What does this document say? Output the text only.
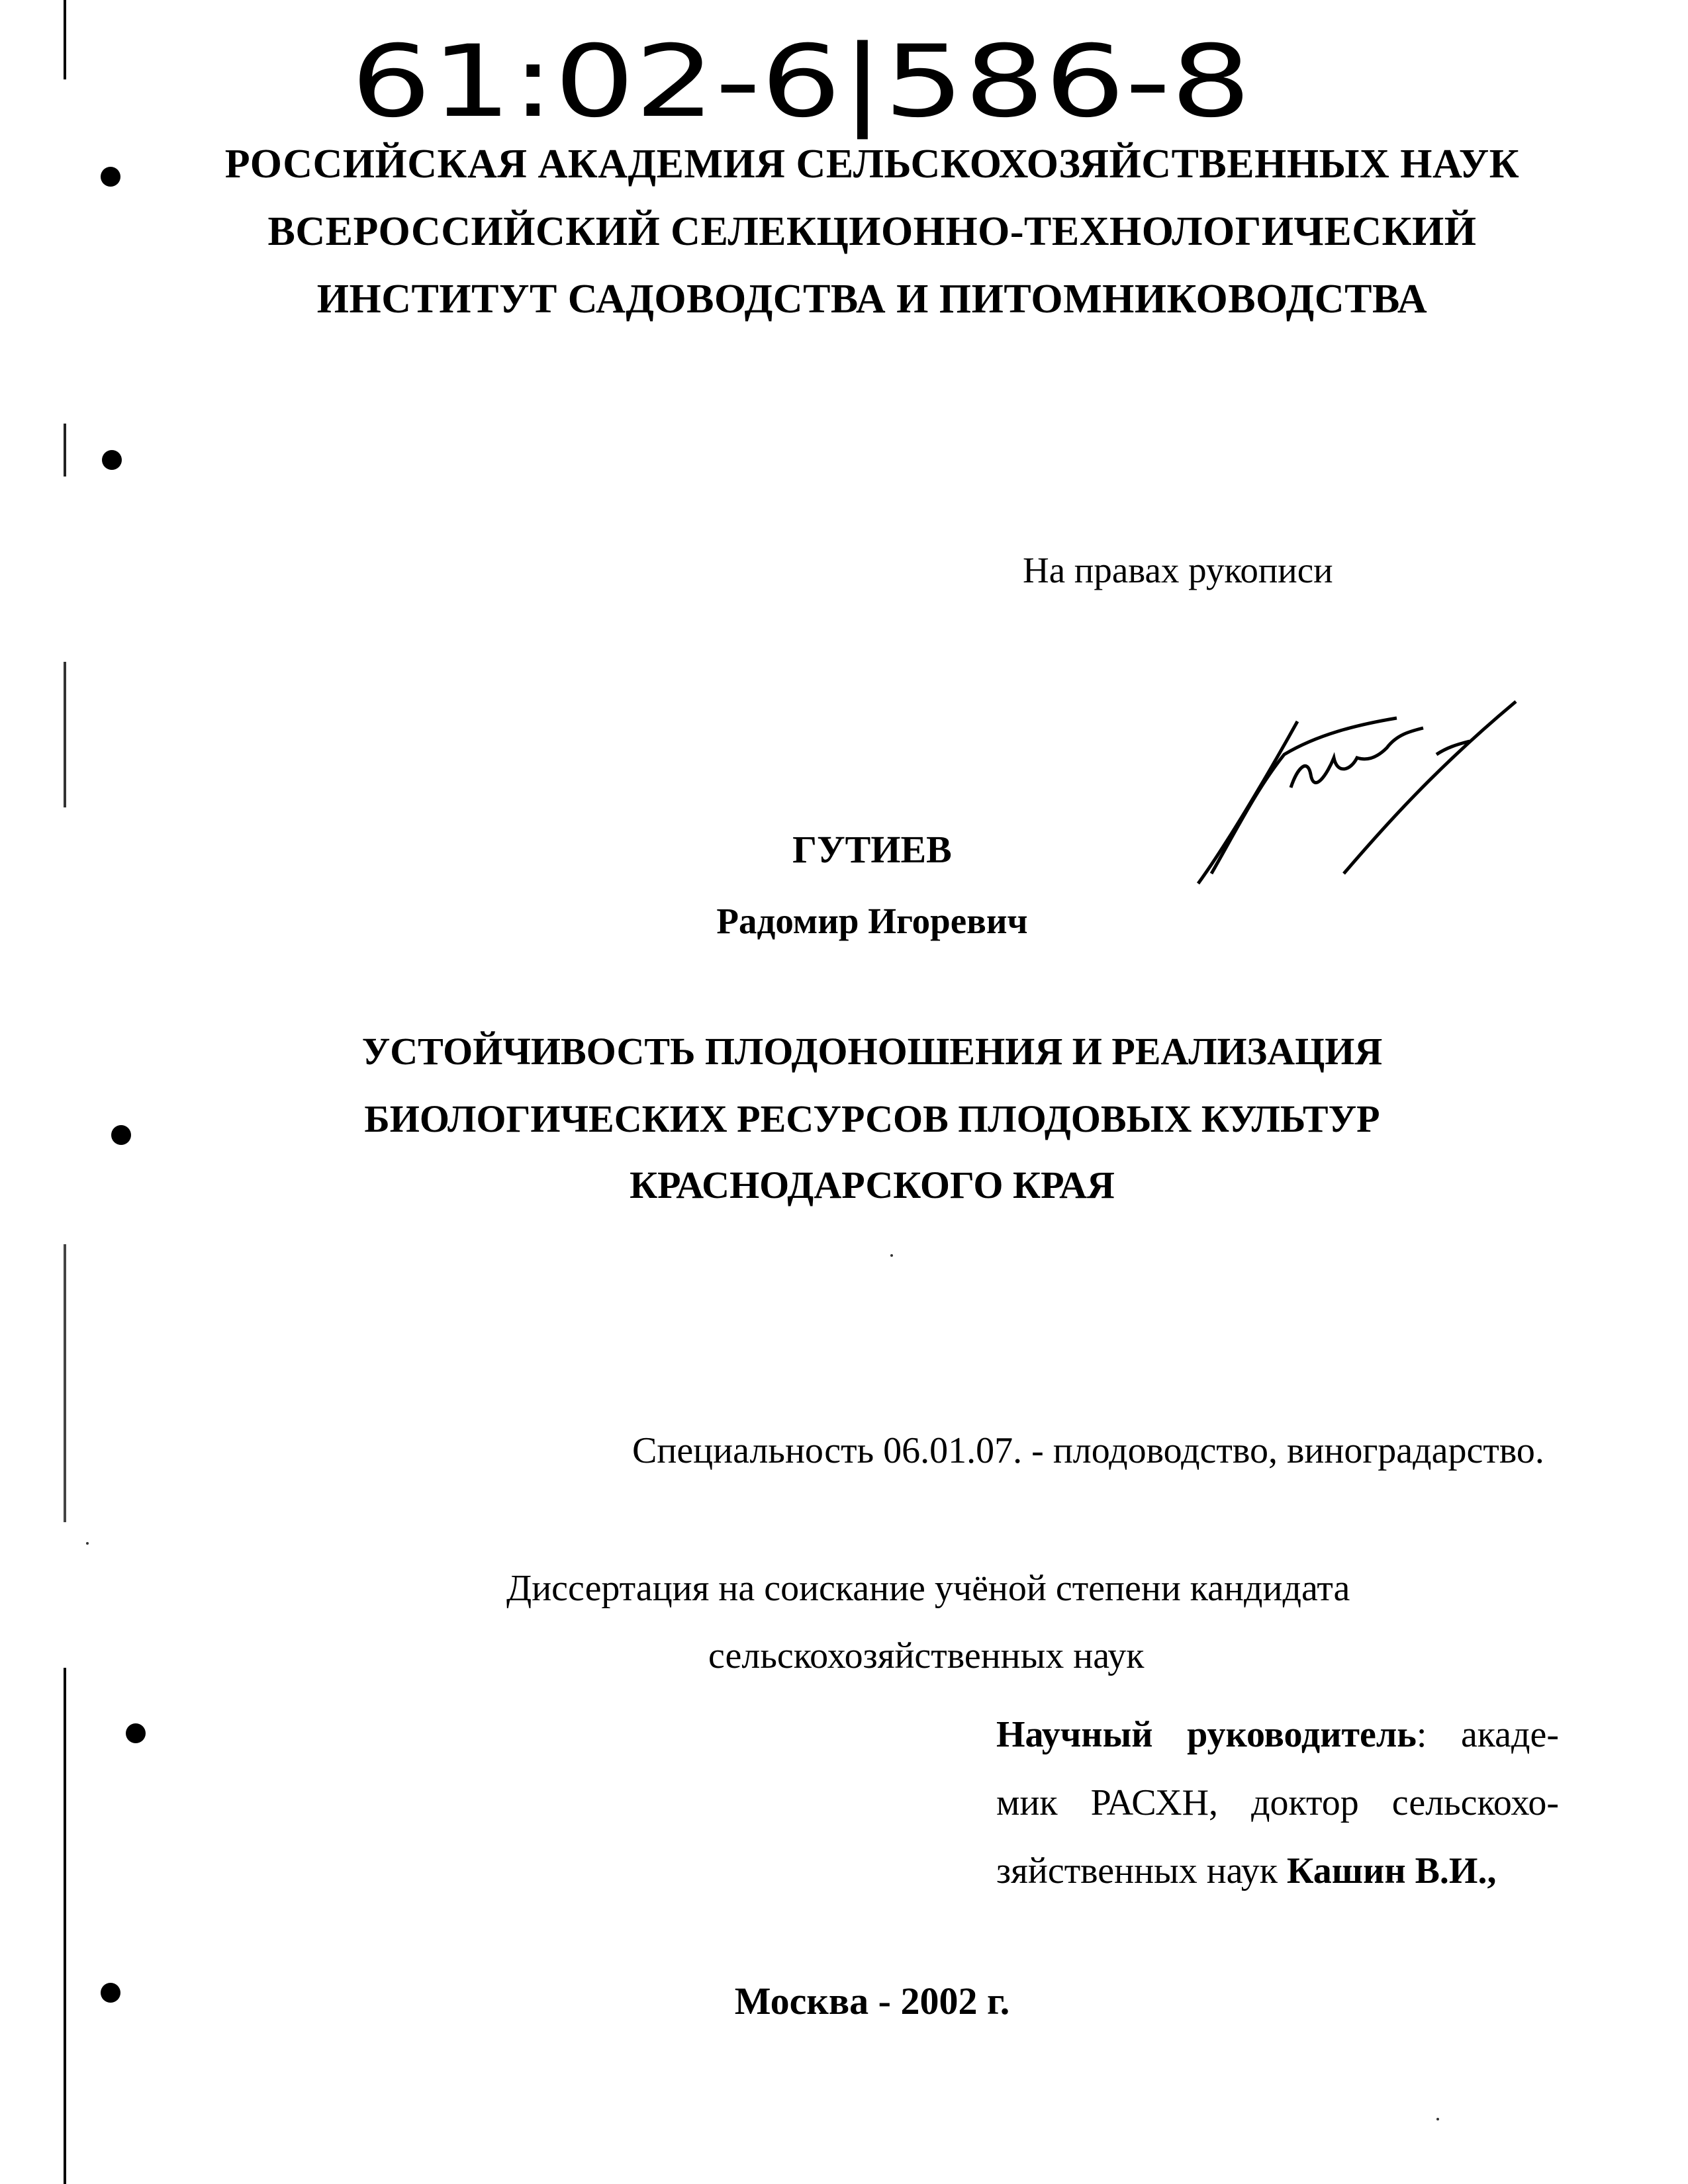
61:02-6|586-8
РОССИЙСКАЯ АКАДЕМИЯ СЕЛЬСКОХОЗЯЙСТВЕННЫХ НАУК
ВСЕРОССИЙСКИЙ СЕЛЕКЦИОННО-ТЕХНОЛОГИЧЕСКИЙ
ИНСТИТУТ САДОВОДСТВА И ПИТОМНИКОВОДСТВА
На правах рукописи
ГУТИЕВ
Радомир Игоревич
УСТОЙЧИВОСТЬ ПЛОДОНОШЕНИЯ И РЕАЛИЗАЦИЯ
БИОЛОГИЧЕСКИХ РЕСУРСОВ ПЛОДОВЫХ КУЛЬТУР
КРАСНОДАРСКОГО КРАЯ
Специальность 06.01.07. - плодоводство, виноградарство.
Диссертация на соискание учёной степени кандидата
сельскохозяйственных наук
Научный руководитель: акаде-
мик РАСХН, доктор сельскохо-
зяйственных наук Кашин В.И.,
Москва - 2002 г.
